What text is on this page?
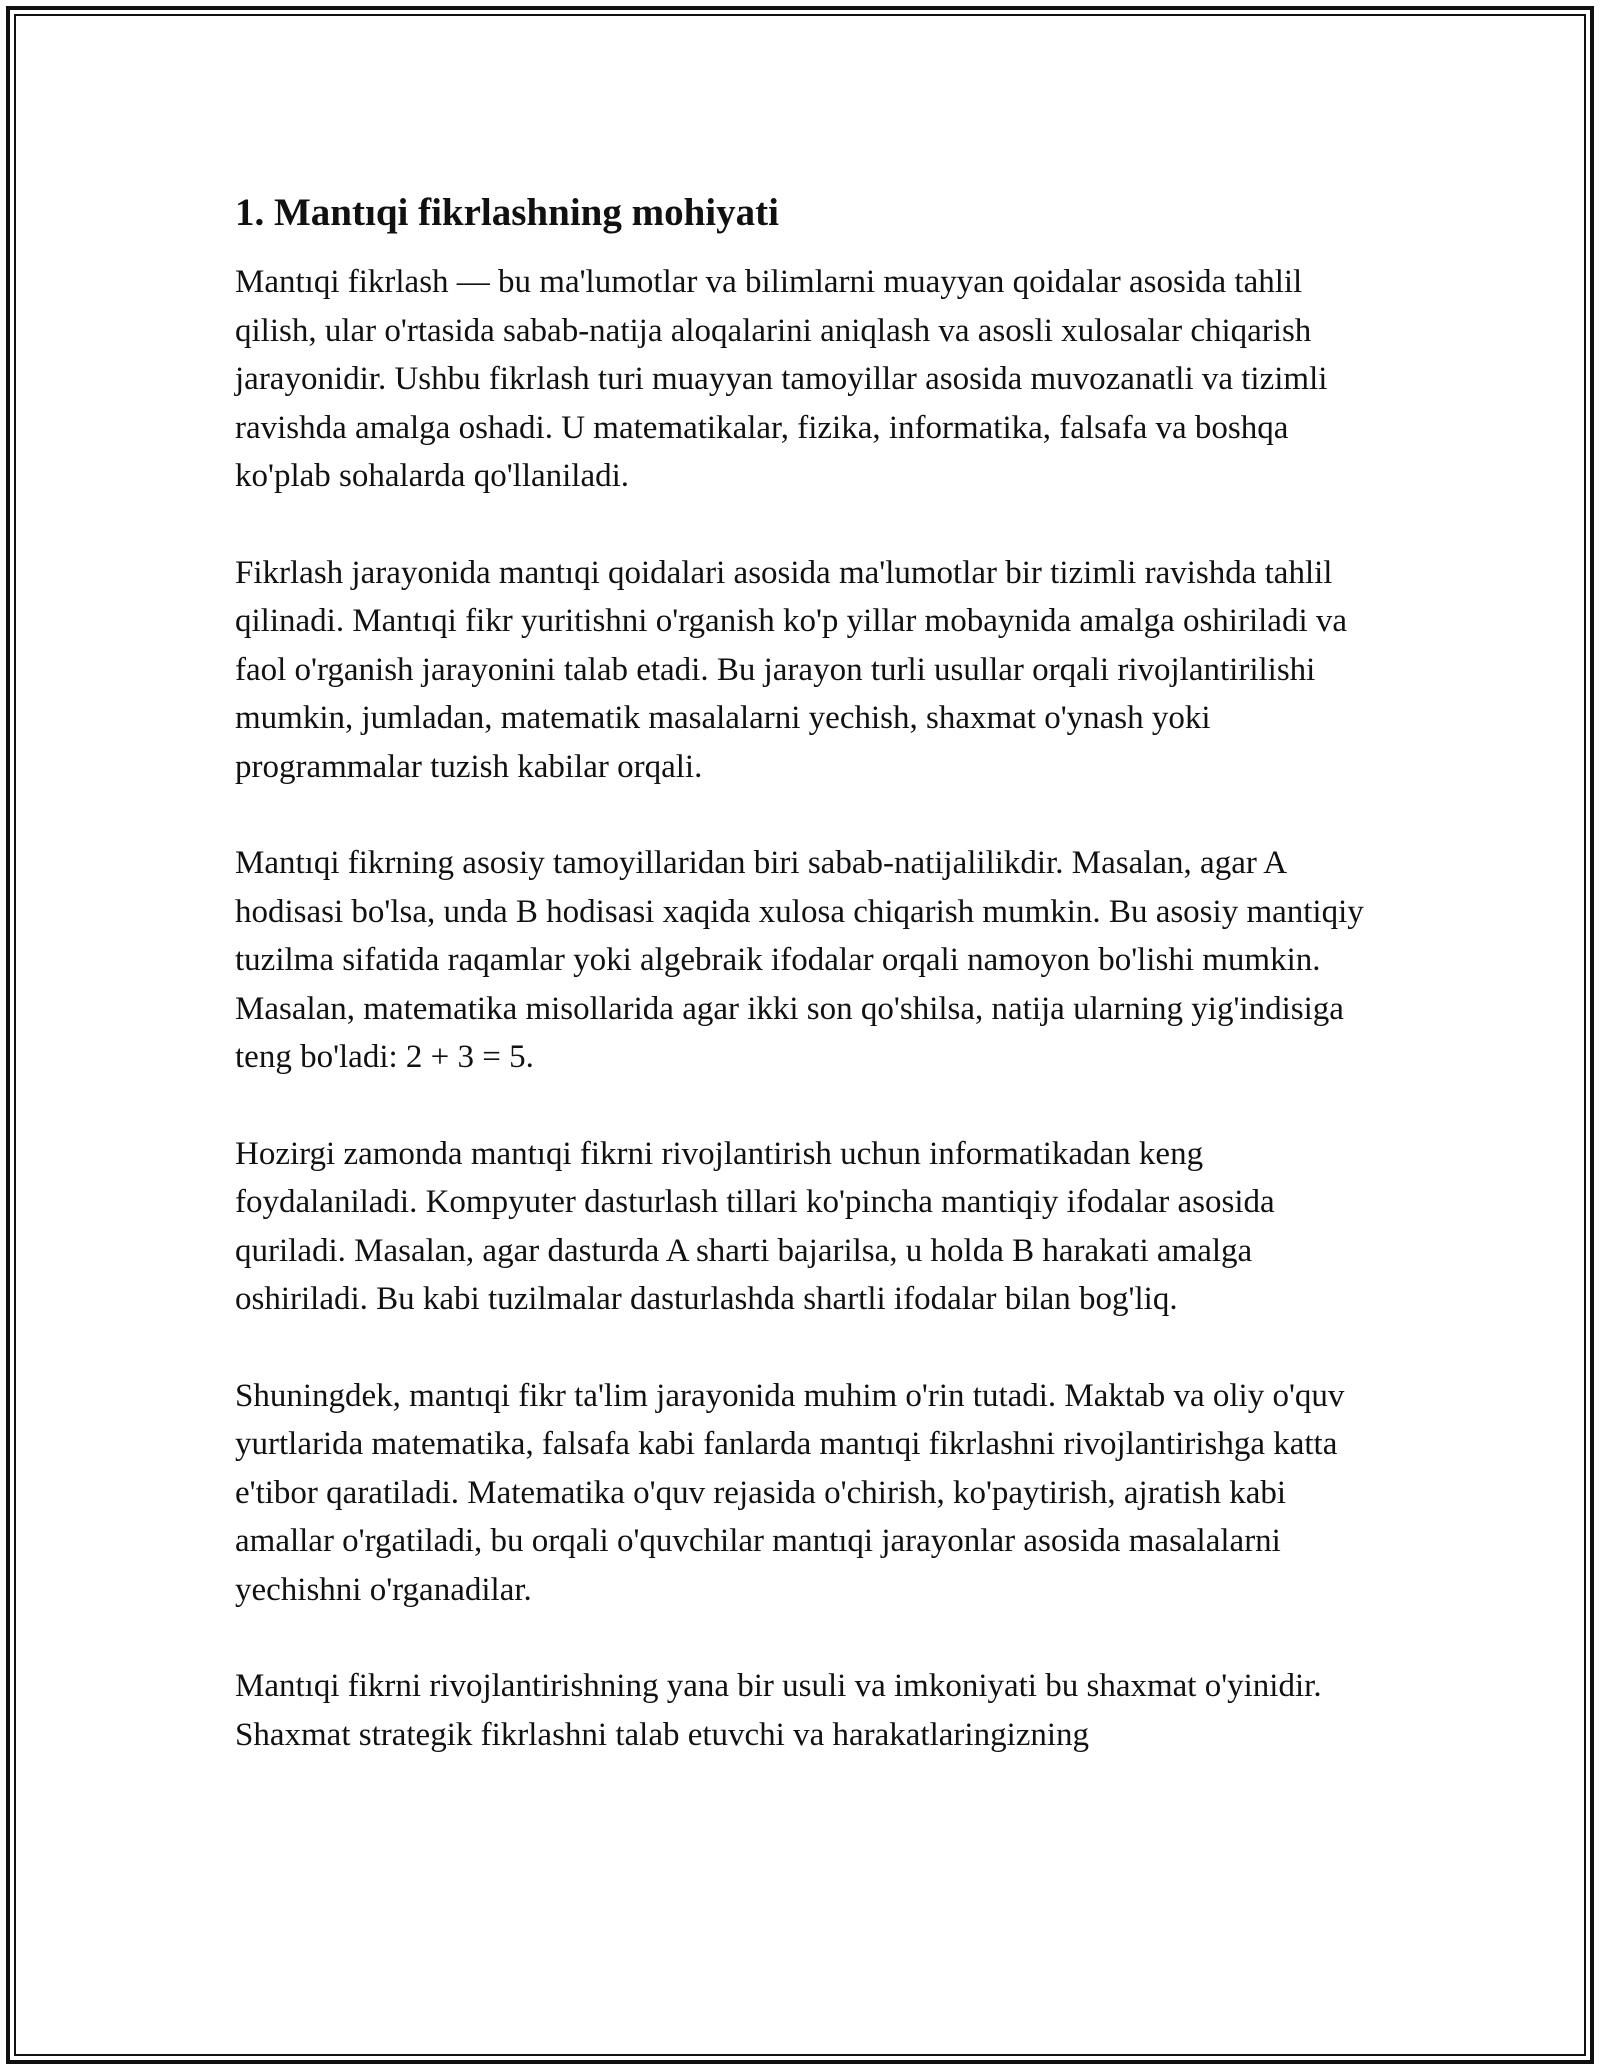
1. Mantıqi fikrlashning mohiyati

Mantıqi fikrlash — bu ma'lumotlar va bilimlarni muayyan qoidalar asosida tahlil qilish, ular o'rtasida sabab-natija aloqalarini aniqlash va asosli xulosalar chiqarish jarayonidir. Ushbu fikrlash turi muayyan tamoyillar asosida muvozanatli va tizimli ravishda amalga oshadi. U matematikalar, fizika, informatika, falsafa va boshqa ko'plab sohalarda qo'llaniladi.

Fikrlash jarayonida mantıqi qoidalari asosida ma'lumotlar bir tizimli ravishda tahlil qilinadi. Mantıqi fikr yuritishni o'rganish ko'p yillar mobaynida amalga oshiriladi va faol o'rganish jarayonini talab etadi. Bu jarayon turli usullar orqali rivojlantirilishi mumkin, jumladan, matematik masalalarni yechish, shaxmat o'ynash yoki programmalar tuzish kabilar orqali.

Mantıqi fikrning asosiy tamoyillaridan biri sabab-natijalilikdir. Masalan, agar A hodisasi bo'lsa, unda B hodisasi xaqida xulosa chiqarish mumkin. Bu asosiy mantiqiy tuzilma sifatida raqamlar yoki algebraik ifodalar orqali namoyon bo'lishi mumkin. Masalan, matematika misollarida agar ikki son qo'shilsa, natija ularning yig'indisiga teng bo'ladi: 2 + 3 = 5.

Hozirgi zamonda mantıqi fikrni rivojlantirish uchun informatikadan keng foydalaniladi. Kompyuter dasturlash tillari ko'pincha mantiqiy ifodalar asosida quriladi. Masalan, agar dasturda A sharti bajarilsa, u holda B harakati amalga oshiriladi. Bu kabi tuzilmalar dasturlashda shartli ifodalar bilan bog'liq.

Shuningdek, mantıqi fikr ta'lim jarayonida muhim o'rin tutadi. Maktab va oliy o'quv yurtlarida matematika, falsafa kabi fanlarda mantıqi fikrlashni rivojlantirishga katta e'tibor qaratiladi. Matematika o'quv rejasida o'chirish, ko'paytirish, ajratish kabi amallar o'rgatiladi, bu orqali o'quvchilar mantıqi jarayonlar asosida masalalarni yechishni o'rganadilar.

Mantıqi fikrni rivojlantirishning yana bir usuli va imkoniyati bu shaxmat o'yinidir. Shaxmat strategik fikrlashni talab etuvchi va harakatlaringizning
